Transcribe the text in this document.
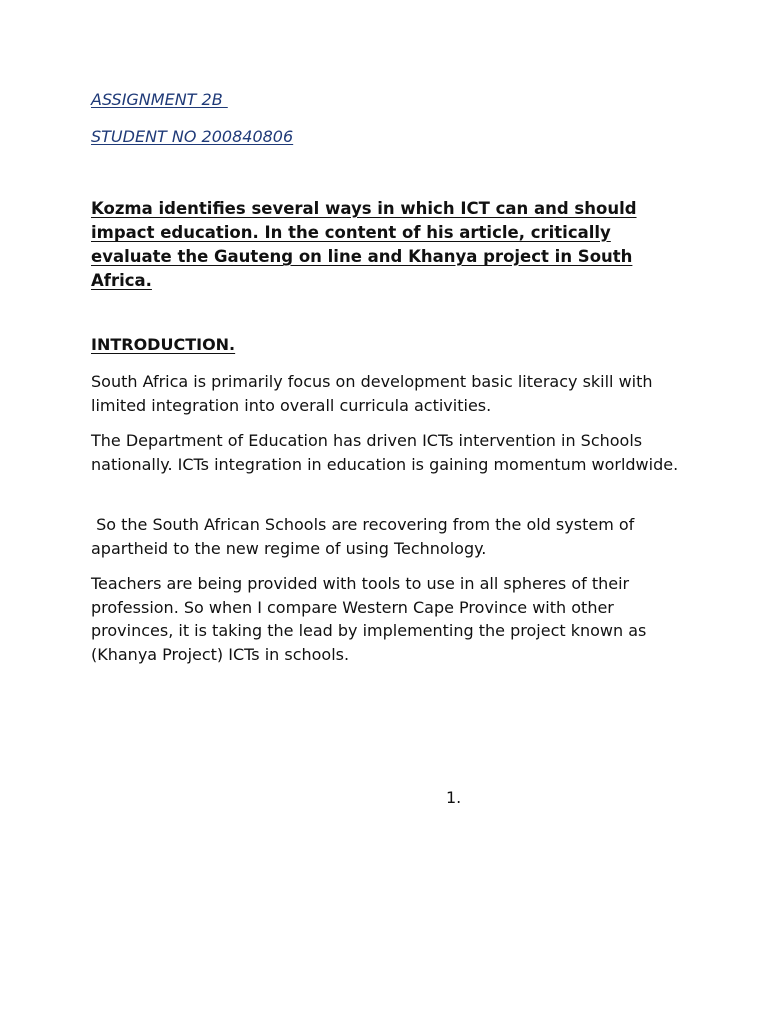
ASSIGNMENT 2B
STUDENT NO 200840806
Kozma identifies several ways in which ICT can and should impact education. In the content of his article, critically evaluate the Gauteng on line and Khanya project in South Africa.
INTRODUCTION.

South Africa is primarily focus on development basic literacy skill with limited integration into overall curricula activities.

The Department of Education has driven ICTs intervention in Schools nationally. ICTs integration in education is gaining momentum worldwide.

So the South African Schools are recovering from the old system of apartheid to the new regime of using Technology.

Teachers are being provided with tools to use in all spheres of their profession. So when I compare Western Cape Province with other provinces, it is taking the lead by implementing the project known as (Khanya Project) ICTs in schools.

1.
